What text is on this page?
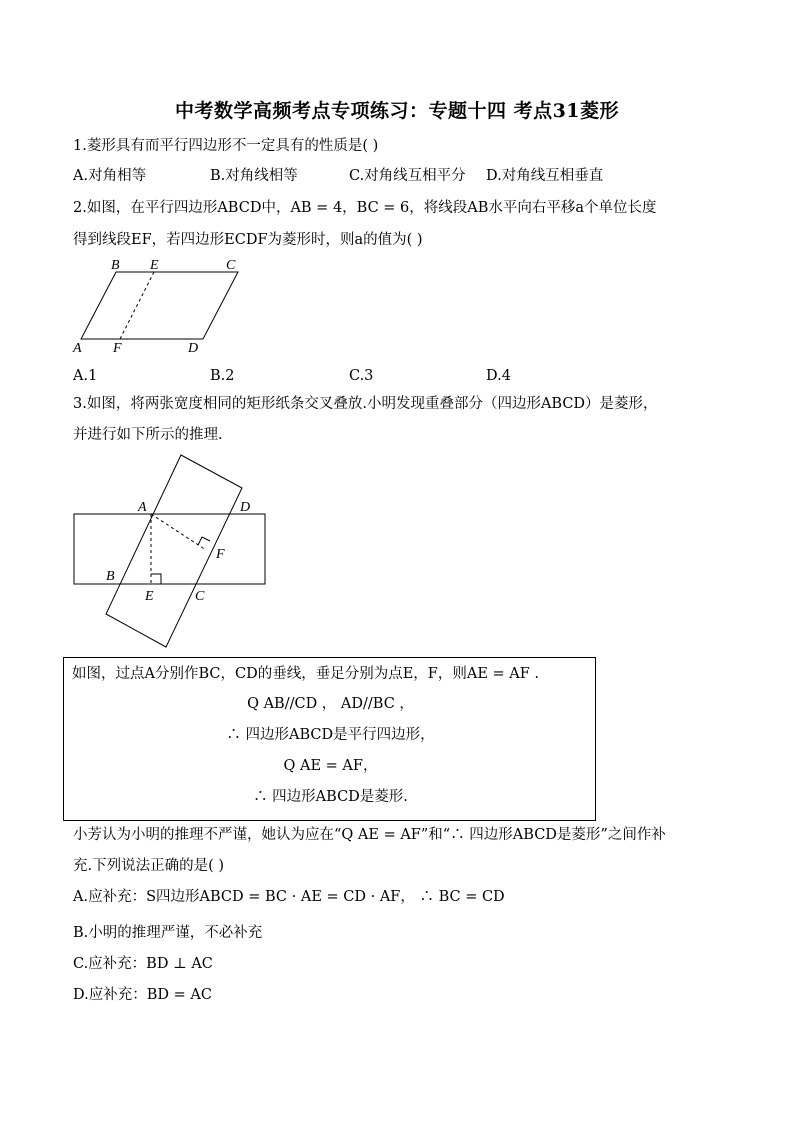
中考数学高频考点专项练习：专题十四 考点31菱形
1.菱形具有而平行四边形不一定具有的性质是( )
A.对角相等	B.对角线相等	C.对角线互相平分 D.对角线互相垂直
2.如图，在平行四边形ABCD中，AB = 4，BC = 6，将线段AB水平向右平移a个单位长度
得到线段EF，若四边形ECDF为菱形时，则a的值为( )
B E	C
A F	D
A.1	B.2	C.3	D.4
3.如图，将两张宽度相同的矩形纸条交叉叠放.小明发现重叠部分（四边形ABCD）是菱形，
并进行如下所示的推理.
A	D
F
B
E	C
如图，过点A分别作BC，CD的垂线，垂足分别为点E，F，则AE = AF .
Q AB//CD ， AD//BC ，
∴ 四边形ABCD是平行四边形，
Q AE = AF，
∴ 四边形ABCD是菱形.
小芳认为小明的推理不严谨，她认为应在“Q AE = AF”和“∴ 四边形ABCD是菱形”之间作补
充.下列说法正确的是( )
A.应补充：S四边形ABCD = BC · AE = CD · AF， ∴ BC = CD
B.小明的推理严谨，不必补充
C.应补充：BD ⊥ AC
D.应补充：BD = AC
